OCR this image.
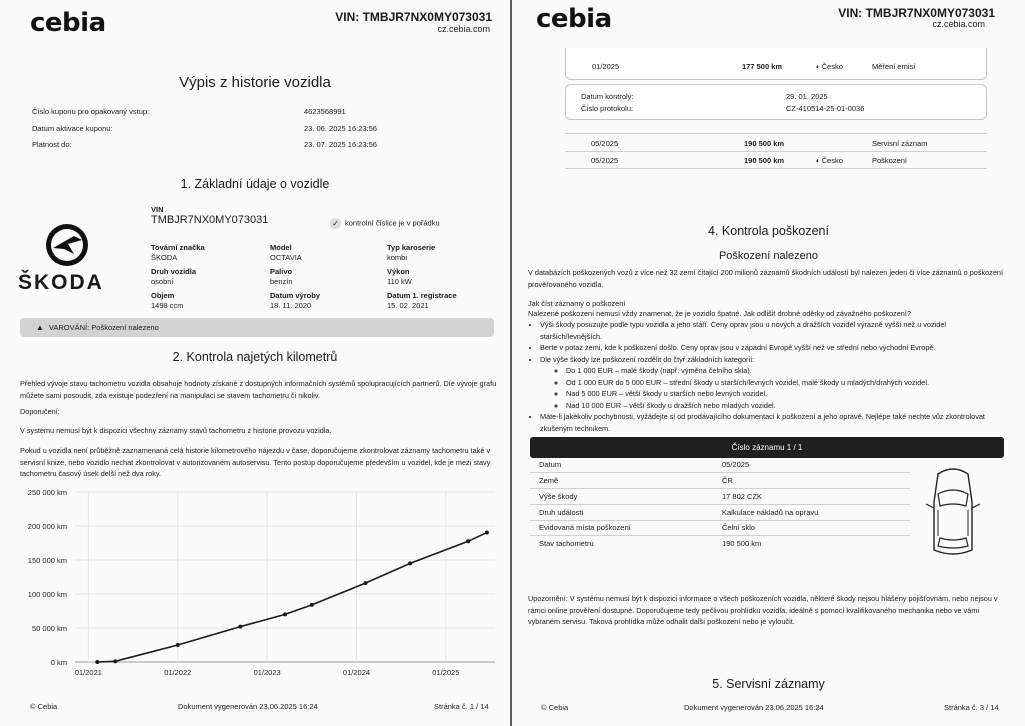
cebia	VIN: TMBJR7NX0MY073031
cz.cebia.com
Výpis z historie vozidla
Číslo kuponu pro opakovaný vstup:	4623568991
Datum aktivace kuponu:	23. 06. 2025 16:23:56
Platnost do:	23. 07. 2025 16:23:56
1. Základní údaje o vozidle
ŠKODA
VIN
TMBJR7NX0MY073031	✓ kontrolní číslice je v pořádku
Tovární značka
ŠKODA
Model
OCTAVIA
Typ karoserie
kombi
Druh vozidla
osobní
Palivo
benzín
Výkon
110 kW
Objem
1498 ccm
Datum výroby
18. 11. 2020
Datum 1. registrace
15. 02. 2021
▲ VAROVÁNÍ: Poškození nalezeno
2. Kontrola najetých kilometrů
Přehled vývoje stavu tachometru vozidla obsahuje hodnoty získané z dostupných informačních systémů spolupracujících partnerů. Díe vývoje grafu můžete sami posoudit, zda existuje podezření na manipulaci se stavem tachometru či nikoliv.
Doporučení:
V systému nemusí být k dispozici všechny záznamy stavů tachometru z historie provozu vozidla.
Pokud u vozidla není průběžně zaznamenaná celá historie kilometrového nájezdu v čase, doporučujeme zkontrolovat záznamy tachometru také v servisní knize, nebo vozidlo nechat zkontrolovat v autorizovaném autoservisu. Tento postup doporučujeme především u vozidel, kde je mezi stavy tachometru časový úsek delší než dva roky.
0 km
50 000 km
100 000 km
150 000 km
200 000 km
250 000 km
01/2021	01/2022	01/2023	01/2024	01/2025
© Cebia	Dokument vygenerován 23.06.2025 16:24	Stránka č. 1 / 14
cebia	VIN: TMBJR7NX0MY073031
cz.cebia.com
01/2025	177 500 km	◖ Česko	Měření emisí
Datum kontroly:	29. 01. 2025
Číslo protokolu:	CZ-410514-25-01-0036
05/2025	190 500 km	Servisní záznam
05/2025	190 500 km	◖ Česko	Poškození
4. Kontrola poškození
Poškození nalezeno
V databázích poškozených vozů z více než 32 zemí čítající 200 milionů záznamů škodních událostí byl nalezen jeden či více záznamů o poškození prověřovaného vozidla.
Jak číst záznamy o poškození
Nalezené poškození nemusí vždy znamenat, že je vozidlo špatné. Jak odlišit drobné oděrky od závažného poškození?
• Výši škody posuzujte podle typu vozidla a jeho stáří. Ceny oprav jsou u nových a dražších vozidel výrazně vyšší než u vozidel starších/levnějších.
• Berte v potaz zemi, kde k poškození došlo. Ceny oprav jsou v západní Evropě vyšší než ve střední nebo východní Evropě.
• Dle výše škody lze poškození rozdělit do čtyř základních kategorií:
◦ Do 1 000 EUR – malé škody (např. výměna čelního skla).
◦ Od 1 000 EUR do 5 000 EUR – střední škody u starších/levných vozidel, malé škody u mladých/drahých vozidel.
◦ Nad 5 000 EUR – větší škody u starších nebo levných vozidel.
◦ Nad 10 000 EUR – větší škody u dražších nebo mladých vozidel.
• Máte-li jakékoliv pochybnosti, vyžádejte si od prodávajícího dokumentaci k poškození a jeho opravě. Nejlépe také nechte vůz zkontrolovat zkušeným technikem.
Číslo záznamu 1 / 1
Datum	05/2025
Země	ČR
Výše škody	17 802 CZK
Druh události	Kalkulace nákladů na opravu
Evidovaná místa poškození	Čelní sklo
Stav tachometru	190 500 km
Upozornění: V systému nemusí být k dispozici informace o všech poškozeních vozidla, některé škody nejsou hlášeny pojišťovnám, nebo nejsou v rámci online prověření dostupné. Doporučujeme tedy pečlivou prohlídku vozidla, ideálně s pomocí kvalifikovaného mechanika nebo ve vámi vybraném servisu. Taková prohlídka může odhalit další poškození nebo je vyloučit.
5. Servisní záznamy
© Cebia	Dokument vygenerován 23.06.2025 16:24	Stránka č. 3 / 14
